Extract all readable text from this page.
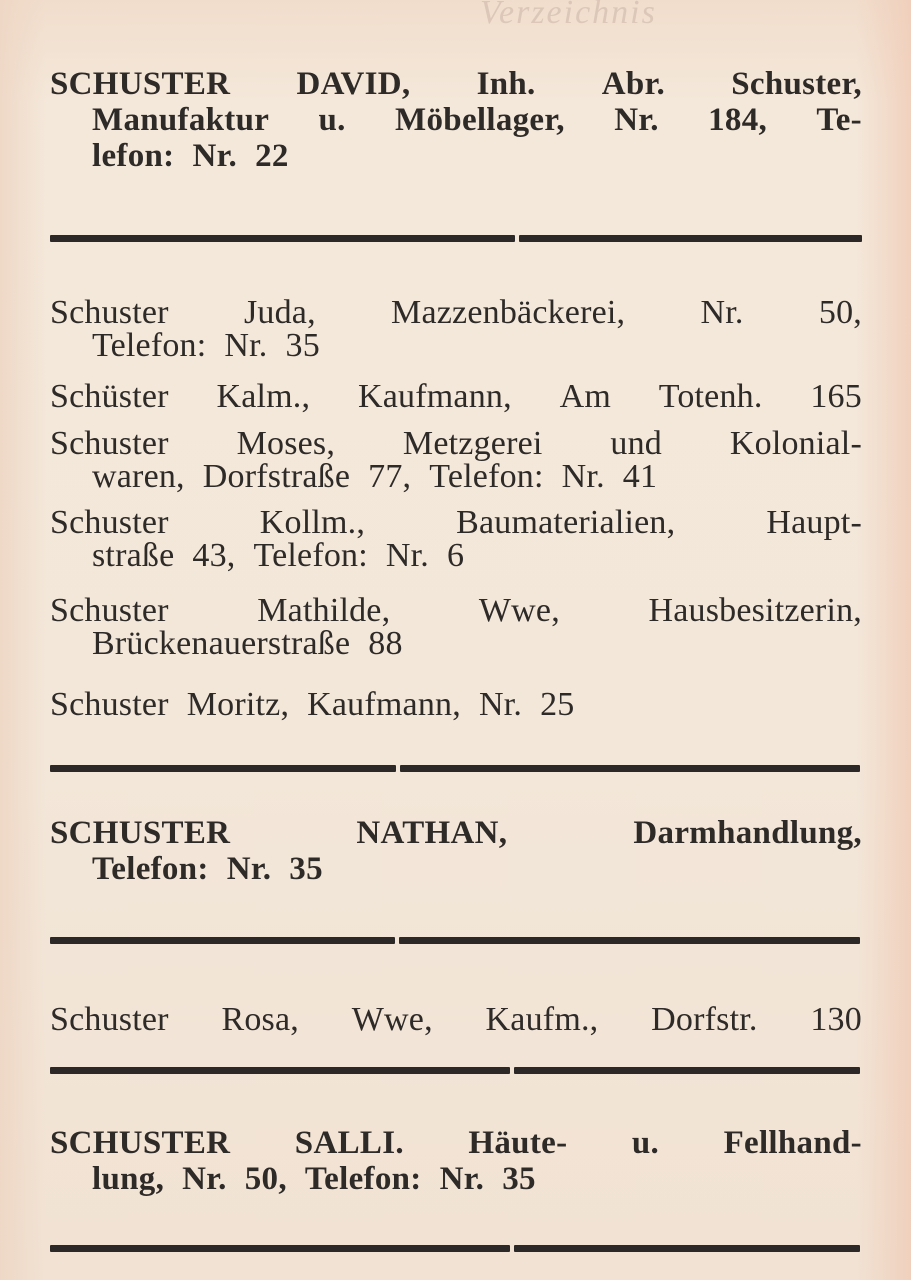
Verzeichnis
SCHUSTER DAVID, Inh. Abr. Schuster,
Manufaktur u. Möbellager, Nr. 184, Te-
lefon: Nr. 22
Schuster Juda, Mazzenbäckerei, Nr. 50,
Telefon: Nr. 35
Schüster Kalm., Kaufmann, Am Totenh. 165
Schuster Moses, Metzgerei und Kolonial-
waren, Dorfstraße 77, Telefon: Nr. 41
Schuster	Kollm.,	Baumaterialien,	Haupt-
straße 43, Telefon: Nr. 6
Schuster	Mathilde,	Wwe,	Hausbesitzerin,
Brückenauerstraße 88
Schuster Moritz, Kaufmann, Nr. 25
SCHUSTER	NATHAN,	Darmhandlung,
Telefon: Nr. 35
Schuster Rosa, Wwe, Kaufm., Dorfstr. 130
SCHUSTER SALLI. Häute- u. Fellhand-
lung, Nr. 50, Telefon: Nr. 35
